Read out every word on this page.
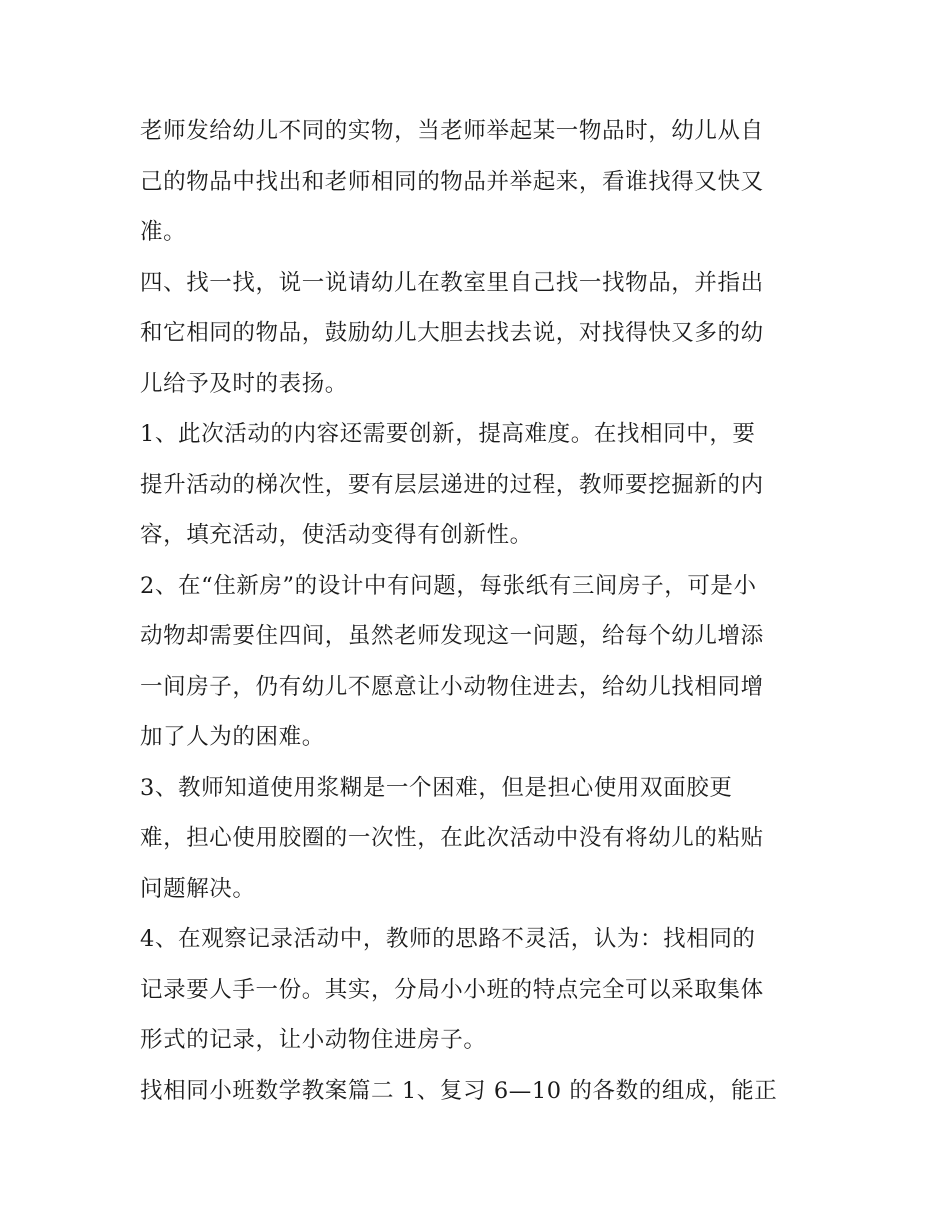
老师发给幼儿不同的实物，当老师举起某一物品时，幼儿从自
己的物品中找出和老师相同的物品并举起来，看谁找得又快又
准。
四、找一找，说一说请幼儿在教室里自己找一找物品，并指出
和它相同的物品，鼓励幼儿大胆去找去说，对找得快又多的幼
儿给予及时的表扬。
1、此次活动的内容还需要创新，提高难度。在找相同中，要
提升活动的梯次性，要有层层递进的过程，教师要挖掘新的内
容，填充活动，使活动变得有创新性。
2、在“住新房”的设计中有问题，每张纸有三间房子，可是小
动物却需要住四间，虽然老师发现这一问题，给每个幼儿增添
一间房子，仍有幼儿不愿意让小动物住进去，给幼儿找相同增
加了人为的困难。
3、教师知道使用浆糊是一个困难，但是担心使用双面胶更
难，担心使用胶圈的一次性，在此次活动中没有将幼儿的粘贴
问题解决。
4、在观察记录活动中，教师的思路不灵活，认为：找相同的
记录要人手一份。其实，分局小小班的特点完全可以采取集体
形式的记录，让小动物住进房子。
找相同小班数学教案篇二 1、复习 6—10 的各数的组成，能正
